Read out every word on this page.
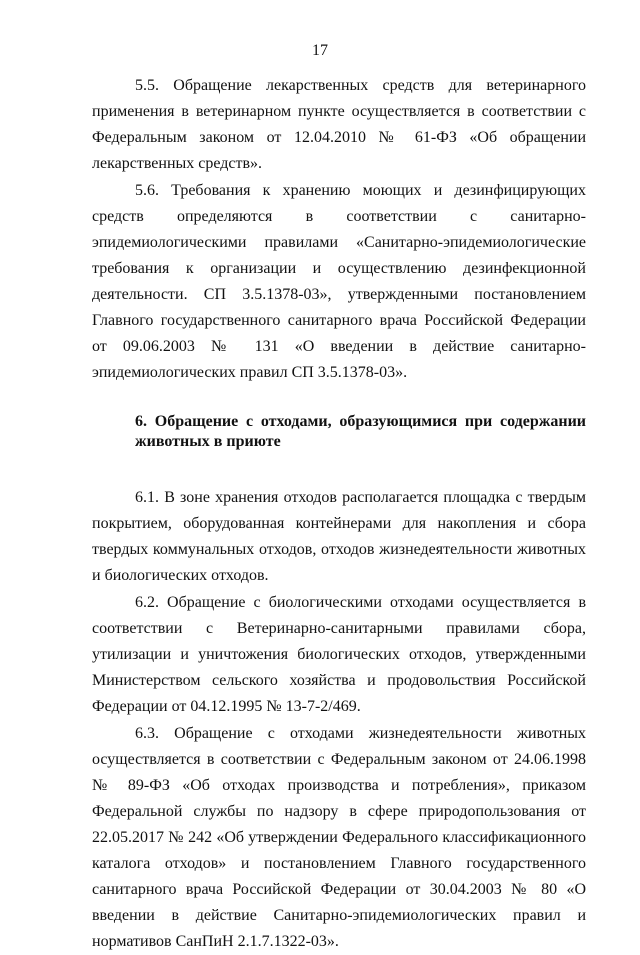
17

5.5. Обращение лекарственных средств для ветеринарного применения в ветеринарном пункте осуществляется в соответствии с Федеральным законом от 12.04.2010 № 61-ФЗ «Об обращении лекарственных средств».

5.6. Требования к хранению моющих и дезинфицирующих средств определяются в соответствии с санитарно-эпидемиологическими правилами «Санитарно-эпидемиологические требования к организации и осуществлению дезинфекционной деятельности. СП 3.5.1378-03», утвержденными постановлением Главного государственного санитарного врача Российской Федерации от 09.06.2003 № 131 «О введении в действие санитарно-эпидемиологических правил СП 3.5.1378-03».

6. Обращение с отходами, образующимися при содержании животных в приюте

6.1. В зоне хранения отходов располагается площадка с твердым покрытием, оборудованная контейнерами для накопления и сбора твердых коммунальных отходов, отходов жизнедеятельности животных и биологических отходов.

6.2. Обращение с биологическими отходами осуществляется в соответствии с Ветеринарно-санитарными правилами сбора, утилизации и уничтожения биологических отходов, утвержденными Министерством сельского хозяйства и продовольствия Российской Федерации от 04.12.1995 № 13-7-2/469.

6.3. Обращение с отходами жизнедеятельности животных осуществляется в соответствии с Федеральным законом от 24.06.1998 № 89-ФЗ «Об отходах производства и потребления», приказом Федеральной службы по надзору в сфере природопользования от 22.05.2017 № 242 «Об утверждении Федерального классификационного каталога отходов» и постановлением Главного государственного санитарного врача Российской Федерации от 30.04.2003 № 80 «О введении в действие Санитарно-эпидемиологических правил и нормативов СанПиН 2.1.7.1322-03».
